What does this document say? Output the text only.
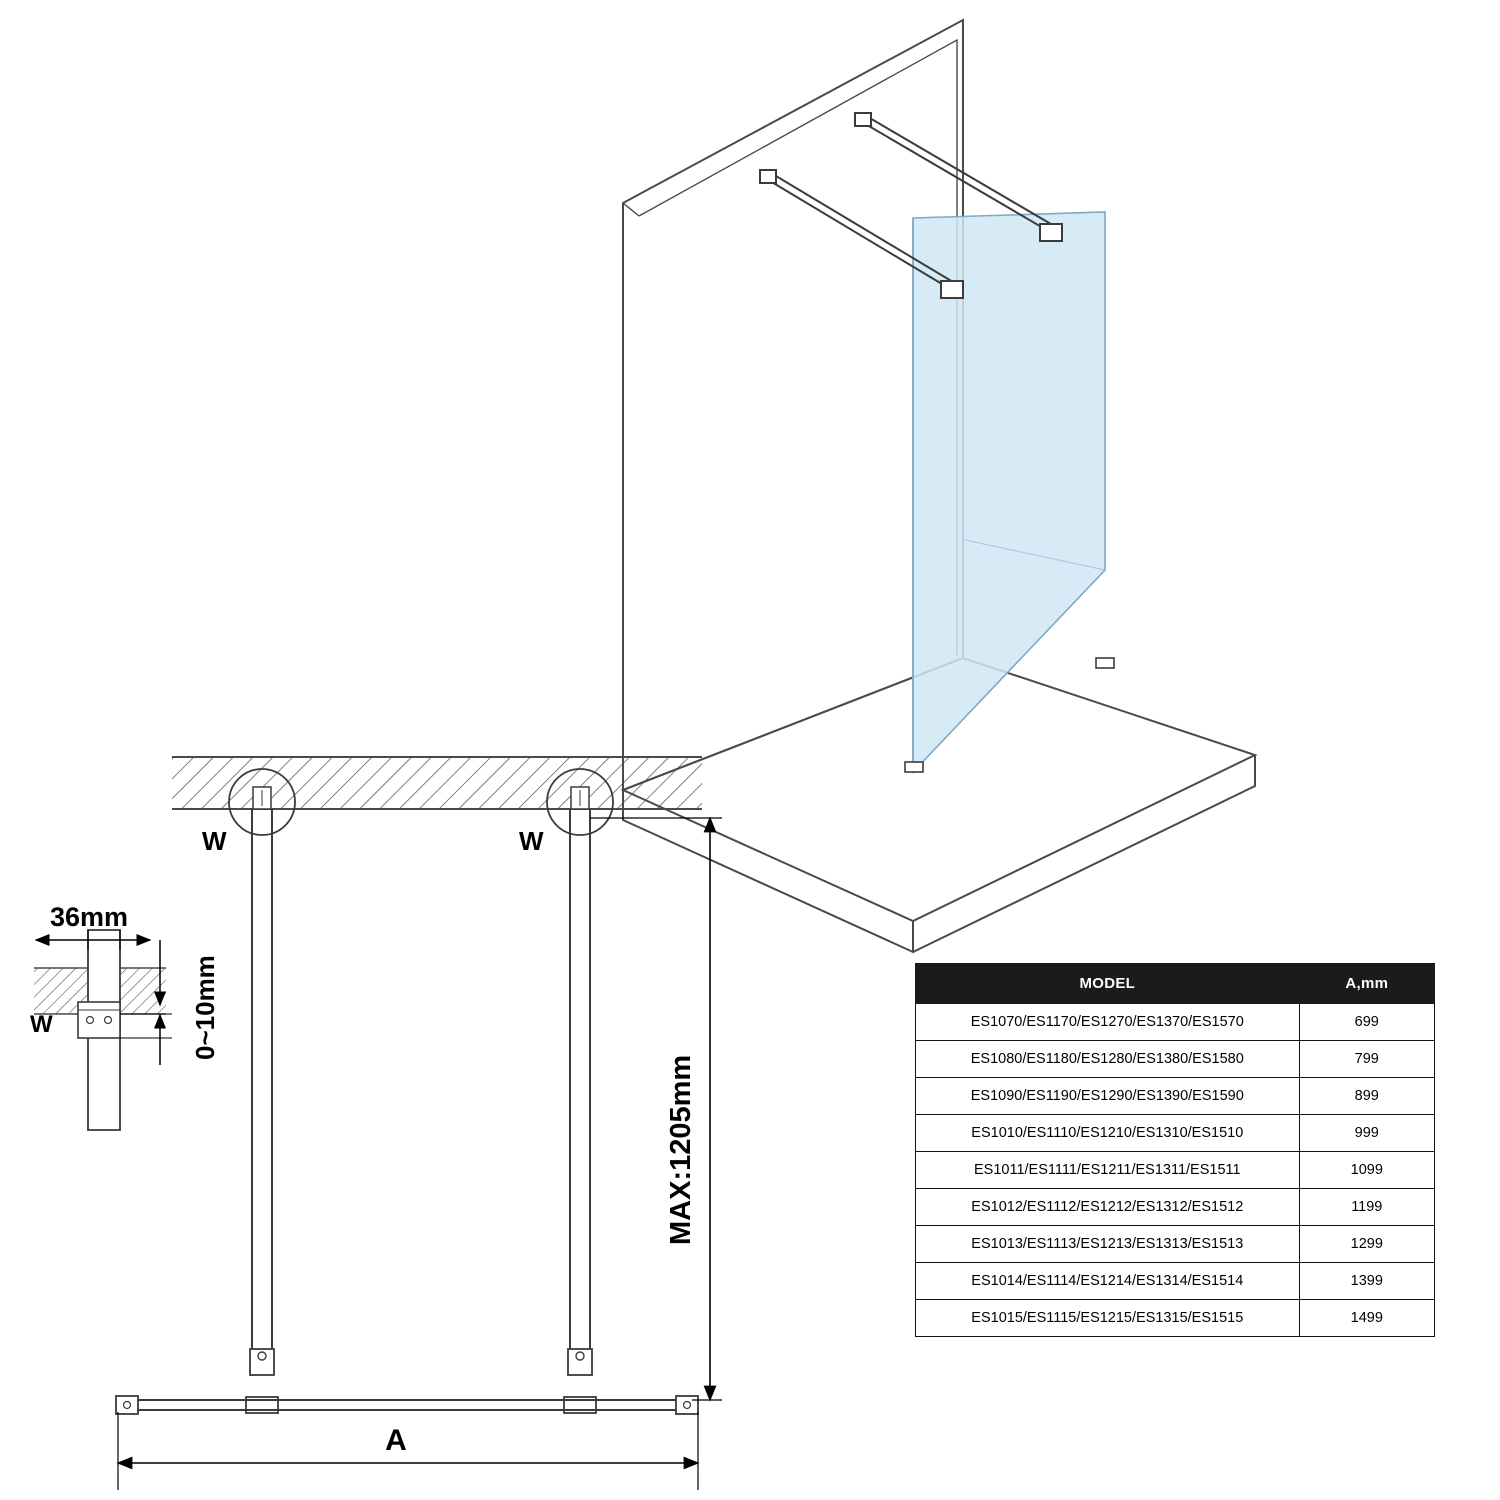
W	W
W
36mm
0~10mm
MAX:1205mm
A
MODEL	A,mm
ES1070/ES1170/ES1270/ES1370/ES1570	699
ES1080/ES1180/ES1280/ES1380/ES1580	799
ES1090/ES1190/ES1290/ES1390/ES1590	899
ES1010/ES1110/ES1210/ES1310/ES1510	999
ES1011/ES1111/ES1211/ES1311/ES1511	1099
ES1012/ES1112/ES1212/ES1312/ES1512	1199
ES1013/ES1113/ES1213/ES1313/ES1513	1299
ES1014/ES1114/ES1214/ES1314/ES1514	1399
ES1015/ES1115/ES1215/ES1315/ES1515	1499
